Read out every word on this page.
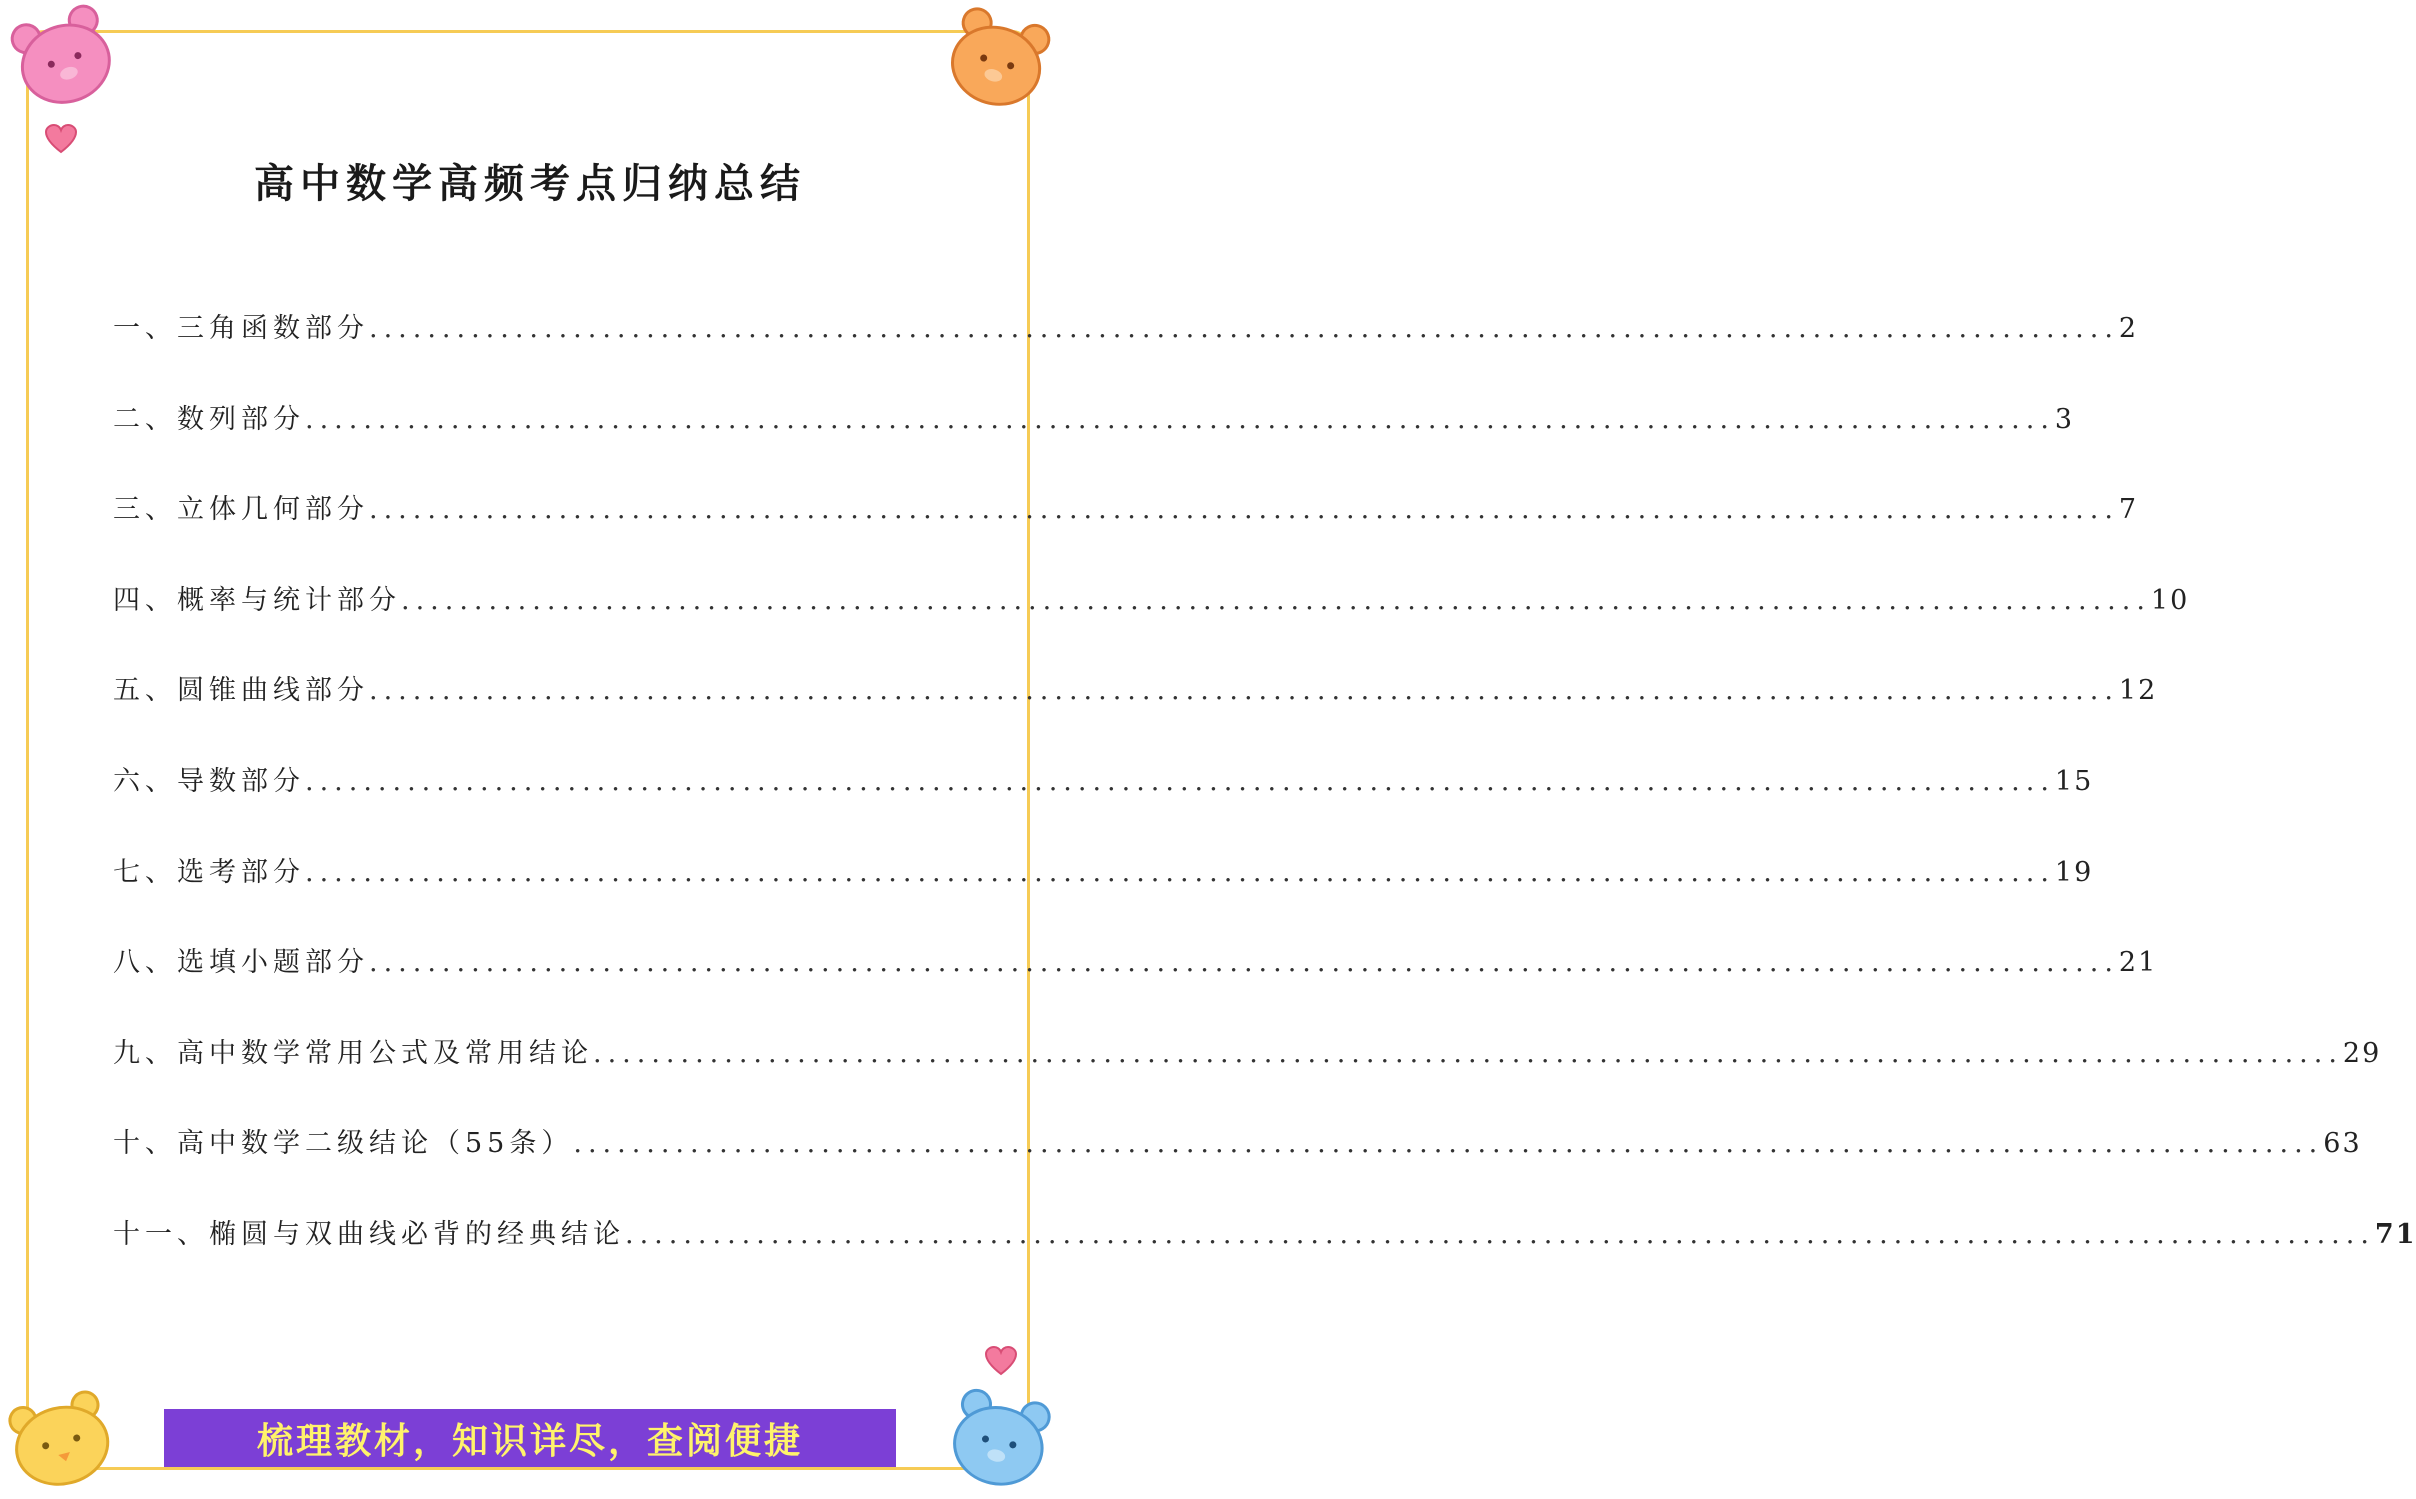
高中数学高频考点归纳总结
一、三角函数部分 ........................................................................................................................ 2
二、数列部分 ........................................................................................................................ 3
三、立体几何部分 ........................................................................................................................ 7
四、概率与统计部分 ........................................................................................................................ 10
五、圆锥曲线部分 ........................................................................................................................ 12
六、导数部分 ........................................................................................................................ 15
七、选考部分 ........................................................................................................................ 19
八、选填小题部分 ........................................................................................................................ 21
九、高中数学常用公式及常用结论 ........................................................................................................................ 29
十、高中数学二级结论（55条） ........................................................................................................................ 63
十一、椭圆与双曲线必背的经典结论 ........................................................................................................................ 71
梳理教材，知识详尽，查阅便捷
